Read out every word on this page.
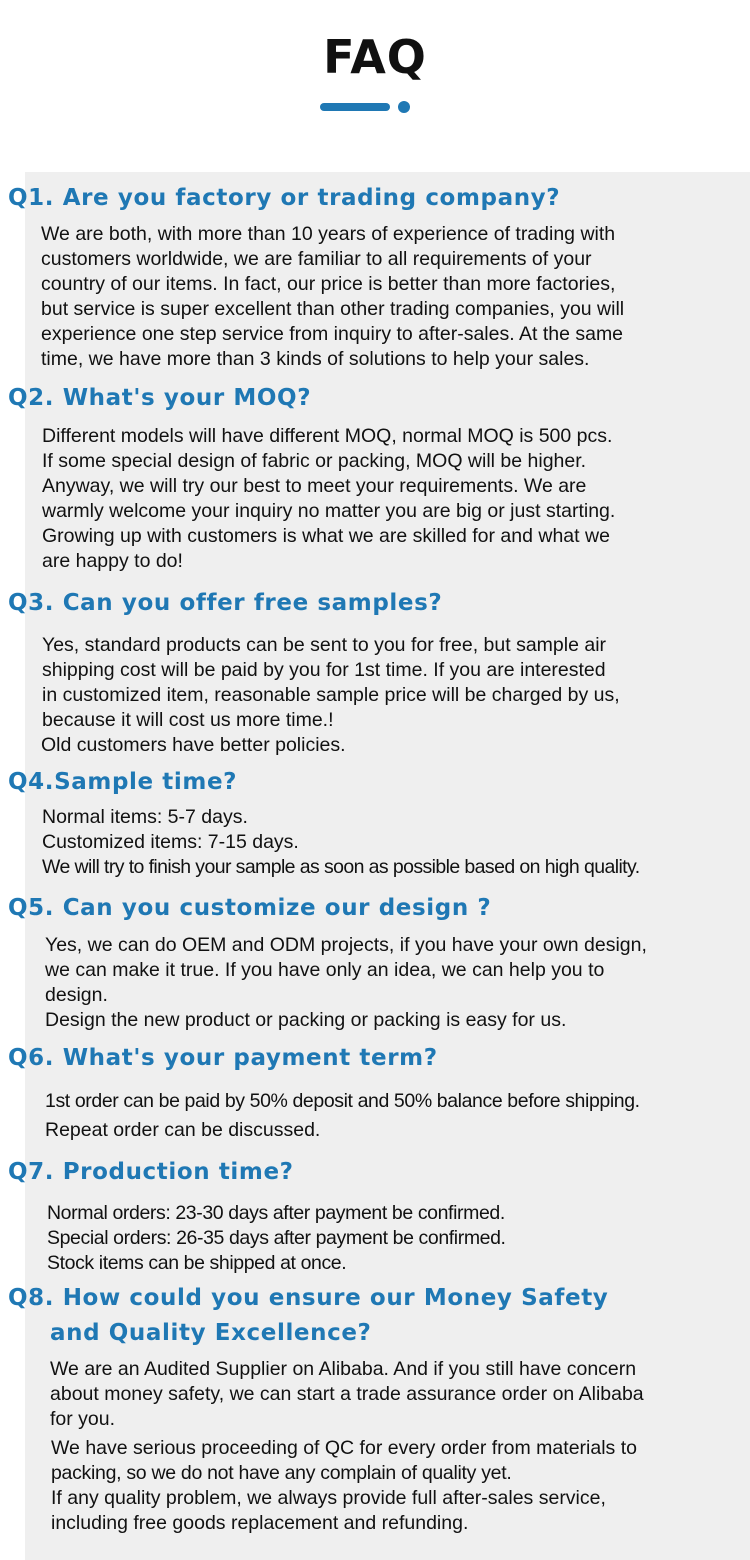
FAQ
Q1. Are you factory or trading company?
We are both, with more than 10 years of experience of trading with
customers worldwide, we are familiar to all requirements of your
country of our items. In fact, our price is better than more factories,
but service is super excellent than other trading companies, you will
experience one step service from inquiry to after-sales. At the same
time, we have more than 3 kinds of solutions to help your sales.
Q2. What's your MOQ?
Different models will have different MOQ, normal MOQ is 500 pcs.
If some special design of fabric or packing, MOQ will be higher.
Anyway, we will try our best to meet your requirements. We are
warmly welcome your inquiry no matter you are big or just starting.
Growing up with customers is what we are skilled for and what we
are happy to do!
Q3. Can you offer free samples?
Yes, standard products can be sent to you for free, but sample air
shipping cost will be paid by you for 1st time. If you are interested
in customized item, reasonable sample price will be charged by us,
because it will cost us more time.!
Old customers have better policies.
Q4.Sample time?
Normal items: 5-7 days.
Customized items: 7-15 days.
We will try to finish your sample as soon as possible based on high quality.
Q5. Can you customize our design ?
Yes, we can do OEM and ODM projects, if you have your own design,
we can make it true. If you have only an idea, we can help you to
design.
Design the new product or packing or packing is easy for us.
Q6. What's your payment term?
1st order can be paid by 50% deposit and 50% balance before shipping.
Repeat order can be discussed.
Q7. Production time?
Normal orders: 23-30 days after payment be confirmed.
Special orders: 26-35 days after payment be confirmed.
Stock items can be shipped at once.
Q8. How could you ensure our Money Safety
and Quality Excellence?
We are an Audited Supplier on Alibaba. And if you still have concern
about money safety, we can start a trade assurance order on Alibaba
for you.
We have serious proceeding of QC for every order from materials to
packing, so we do not have any complain of quality yet.
If any quality problem, we always provide full after-sales service,
including free goods replacement and refunding.
